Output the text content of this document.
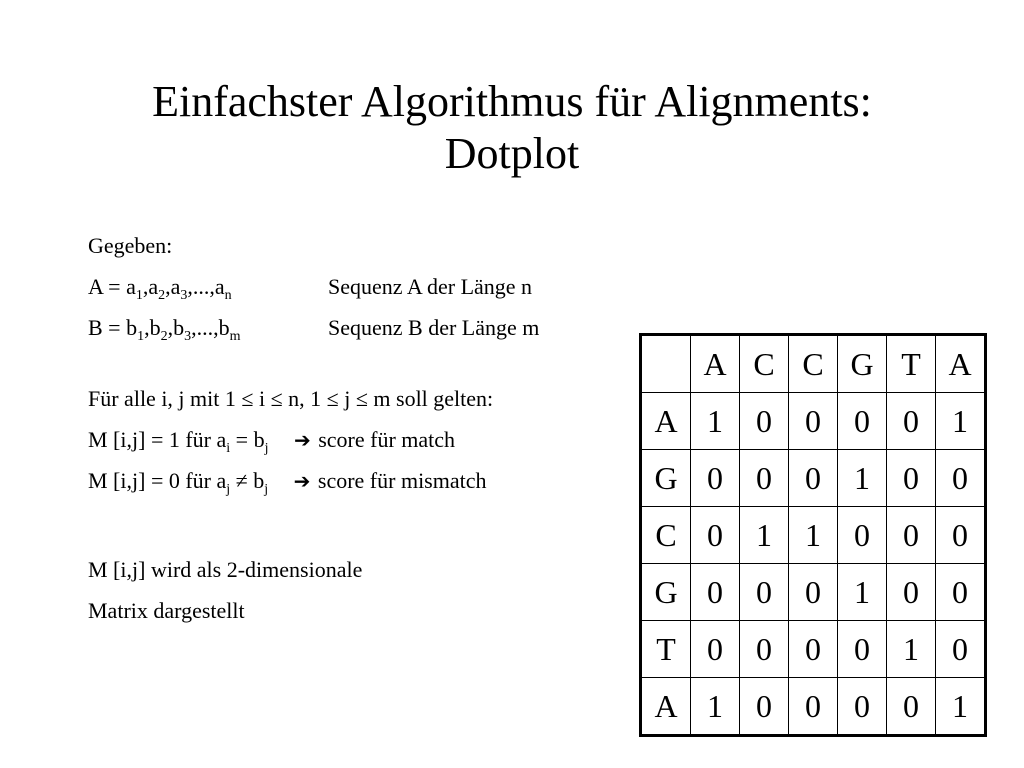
Einfachster Algorithmus für Alignments:
Dotplot
Gegeben:
$A = a_1,a_2,a_3,...,a_n$	Sequenz A der Länge n
$B = b_1,b_2,b_3,...,b_m$	Sequenz B der Länge m
Für alle i, j mit 1 ≤ i ≤ n, 1 ≤ j ≤ m soll gelten:
M [i,j] = 1 für $a_i = b_j$ ➔ score für match
M [i,j] = 0 für $a_j \ne b_j$ ➔ score für mismatch
M [i,j] wird als 2-dimensionale
Matrix dargestellt
	A	C	C	G	T	A
A	1	0	0	0	0	1
G	0	0	0	1	0	0
C	0	1	1	0	0	0
G	0	0	0	1	0	0
T	0	0	0	0	1	0
A	1	0	0	0	0	1
